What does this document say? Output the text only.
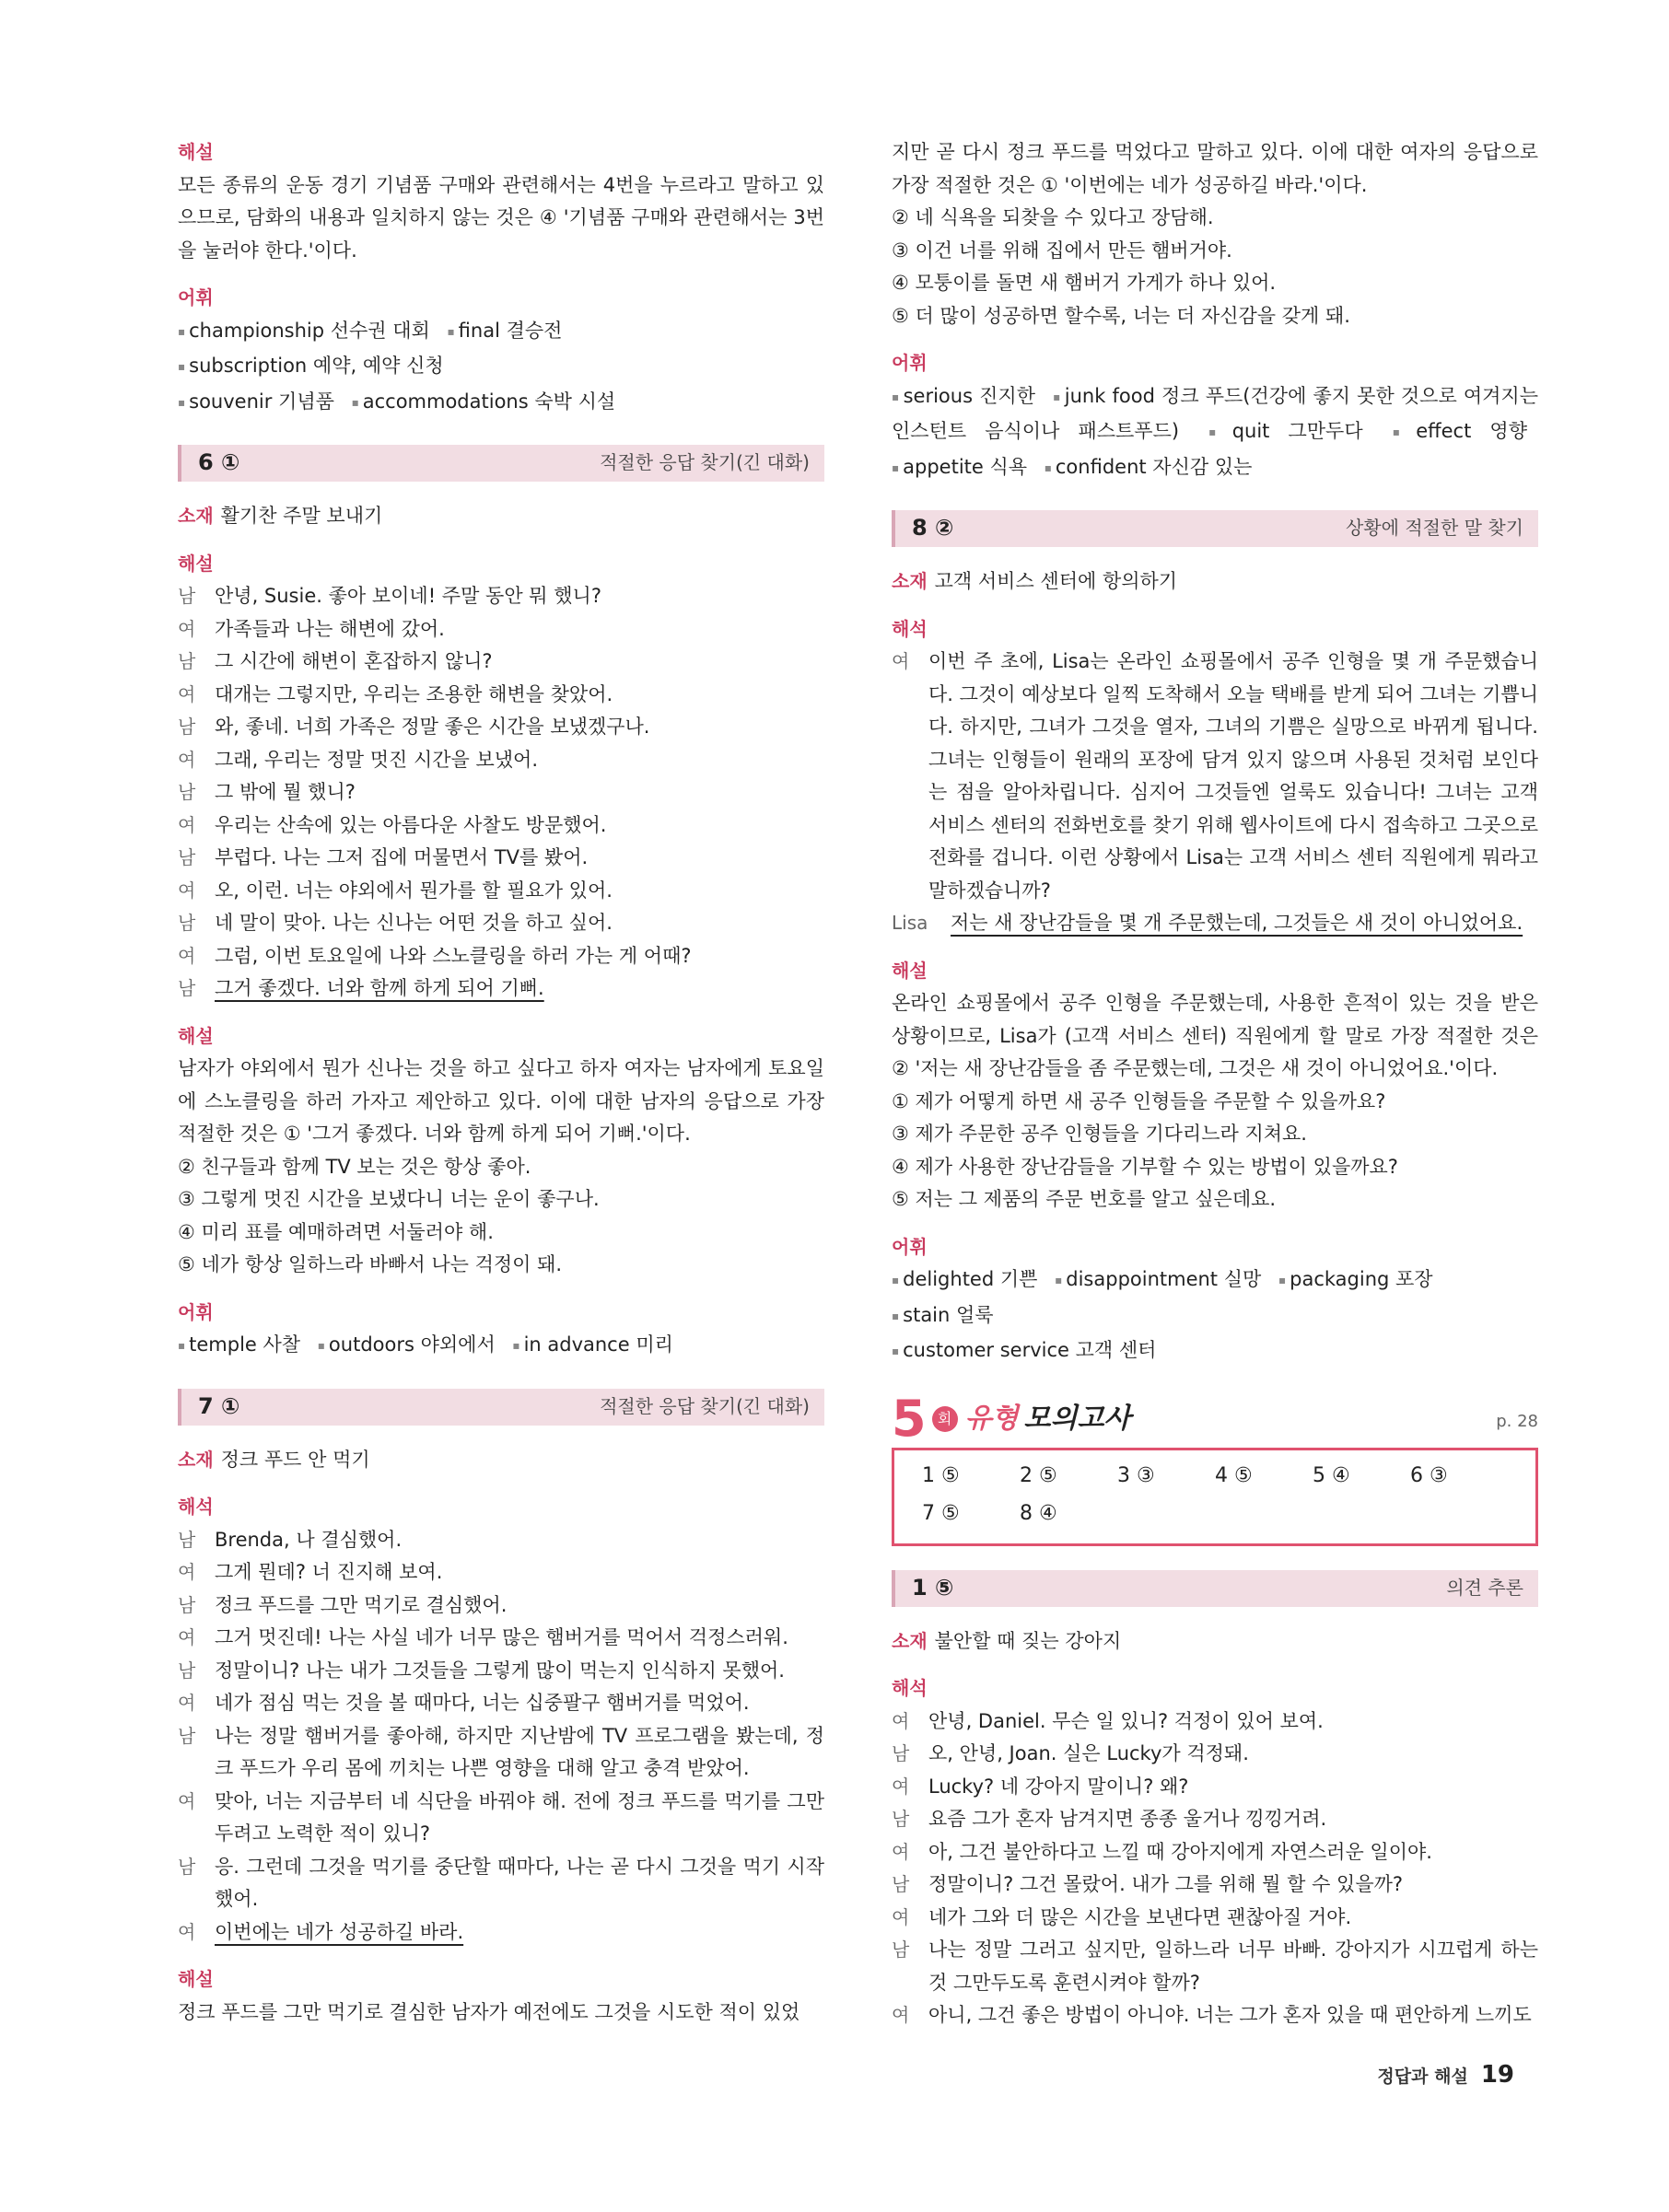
해설
모든 종류의 운동 경기 기념품 구매와 관련해서는 4번을 누르라고 말하고 있으므로, 담화의 내용과 일치하지 않는 것은 ④ '기념품 구매와 관련해서는 3번을 눌러야 한다.'이다.
어휘
▪ championship 선수권 대회 ▪ final 결승전 ▪ subscription 예약, 예약 신청
▪ souvenir 기념품 ▪ accommodations 숙박 시설
6 ①	적절한 응답 찾기(긴 대화)
소재 활기찬 주말 보내기
해설
남 안녕, Susie. 좋아 보이네! 주말 동안 뭐 했니?
여 가족들과 나는 해변에 갔어.
남 그 시간에 해변이 혼잡하지 않니?
여 대개는 그렇지만, 우리는 조용한 해변을 찾았어.
남 와, 좋네. 너희 가족은 정말 좋은 시간을 보냈겠구나.
여 그래, 우리는 정말 멋진 시간을 보냈어.
남 그 밖에 뭘 했니?
여 우리는 산속에 있는 아름다운 사찰도 방문했어.
남 부럽다. 나는 그저 집에 머물면서 TV를 봤어.
여 오, 이런. 너는 야외에서 뭔가를 할 필요가 있어.
남 네 말이 맞아. 나는 신나는 어떤 것을 하고 싶어.
여 그럼, 이번 토요일에 나와 스노클링을 하러 가는 게 어때?
남 그거 좋겠다. 너와 함께 하게 되어 기뻐.
해설
남자가 야외에서 뭔가 신나는 것을 하고 싶다고 하자 여자는 남자에게 토요일에 스노클링을 하러 가자고 제안하고 있다. 이에 대한 남자의 응답으로 가장 적절한 것은 ① '그거 좋겠다. 너와 함께 하게 되어 기뻐.'이다.
② 친구들과 함께 TV 보는 것은 항상 좋아.
③ 그렇게 멋진 시간을 보냈다니 너는 운이 좋구나.
④ 미리 표를 예매하려면 서둘러야 해.
⑤ 네가 항상 일하느라 바빠서 나는 걱정이 돼.
어휘
▪ temple 사찰 ▪ outdoors 야외에서 ▪ in advance 미리
7 ①	적절한 응답 찾기(긴 대화)
소재 정크 푸드 안 먹기
해석
남 Brenda, 나 결심했어.
여 그게 뭔데? 너 진지해 보여.
남 정크 푸드를 그만 먹기로 결심했어.
여 그거 멋진데! 나는 사실 네가 너무 많은 햄버거를 먹어서 걱정스러워.
남 정말이니? 나는 내가 그것들을 그렇게 많이 먹는지 인식하지 못했어.
여 네가 점심 먹는 것을 볼 때마다, 너는 십중팔구 햄버거를 먹었어.
남 나는 정말 햄버거를 좋아해, 하지만 지난밤에 TV 프로그램을 봤는데, 정크 푸드가 우리 몸에 끼치는 나쁜 영향을 대해 알고 충격 받았어.
여 맞아, 너는 지금부터 네 식단을 바꿔야 해. 전에 정크 푸드를 먹기를 그만두려고 노력한 적이 있니?
남 응. 그런데 그것을 먹기를 중단할 때마다, 나는 곧 다시 그것을 먹기 시작했어.
여 이번에는 네가 성공하길 바라.
해설
정크 푸드를 그만 먹기로 결심한 남자가 예전에도 그것을 시도한 적이 있었
지만 곧 다시 정크 푸드를 먹었다고 말하고 있다. 이에 대한 여자의 응답으로 가장 적절한 것은 ① '이번에는 네가 성공하길 바라.'이다.
② 네 식욕을 되찾을 수 있다고 장담해.
③ 이건 너를 위해 집에서 만든 햄버거야.
④ 모퉁이를 돌면 새 햄버거 가게가 하나 있어.
⑤ 더 많이 성공하면 할수록, 너는 더 자신감을 갖게 돼.
어휘
▪ serious 진지한 ▪ junk food 정크 푸드(건강에 좋지 못한 것으로 여겨지는 인스턴트 음식이나 패스트푸드)	▪ quit 그만두다	▪ effect 영향 ▪ appetite 식욕 ▪ confident 자신감 있는
8 ②	상황에 적절한 말 찾기
소재 고객 서비스 센터에 항의하기
해석
여 이번 주 초에, Lisa는 온라인 쇼핑몰에서 공주 인형을 몇 개 주문했습니다. 그것이 예상보다 일찍 도착해서 오늘 택배를 받게 되어 그녀는 기쁩니다. 하지만, 그녀가 그것을 열자, 그녀의 기쁨은 실망으로 바뀌게 됩니다. 그녀는 인형들이 원래의 포장에 담겨 있지 않으며 사용된 것처럼 보인다는 점을 알아차립니다. 심지어 그것들엔 얼룩도 있습니다! 그녀는 고객 서비스 센터의 전화번호를 찾기 위해 웹사이트에 다시 접속하고 그곳으로 전화를 겁니다. 이런 상황에서 Lisa는 고객 서비스 센터 직원에게 뭐라고 말하겠습니까?
Lisa	저는 새 장난감들을 몇 개 주문했는데, 그것들은 새 것이 아니었어요.
해설
온라인 쇼핑몰에서 공주 인형을 주문했는데, 사용한 흔적이 있는 것을 받은 상황이므로, Lisa가 (고객 서비스 센터) 직원에게 할 말로 가장 적절한 것은 ② '저는 새 장난감들을 좀 주문했는데, 그것은 새 것이 아니었어요.'이다.
① 제가 어떻게 하면 새 공주 인형들을 주문할 수 있을까요?
③ 제가 주문한 공주 인형들을 기다리느라 지쳐요.
④ 제가 사용한 장난감들을 기부할 수 있는 방법이 있을까요?
⑤ 저는 그 제품의 주문 번호를 알고 싶은데요.
어휘
▪ delighted 기쁜 ▪ disappointment 실망 ▪ packaging 포장 ▪ stain 얼룩
▪ customer service 고객 센터
5 회 유형 모의고사	p. 28
1 ⑤	2 ⑤	3 ③	4 ⑤	5 ④	6 ③
7 ⑤	8 ④
1 ⑤	의견 추론
소재 불안할 때 짖는 강아지
해석
여 안녕, Daniel. 무슨 일 있니? 걱정이 있어 보여.
남 오, 안녕, Joan. 실은 Lucky가 걱정돼.
여 Lucky? 네 강아지 말이니? 왜?
남 요즘 그가 혼자 남겨지면 종종 울거나 낑낑거려.
여 아, 그건 불안하다고 느낄 때 강아지에게 자연스러운 일이야.
남 정말이니? 그건 몰랐어. 내가 그를 위해 뭘 할 수 있을까?
여 네가 그와 더 많은 시간을 보낸다면 괜찮아질 거야.
남 나는 정말 그러고 싶지만, 일하느라 너무 바빠. 강아지가 시끄럽게 하는 것 그만두도록 훈련시켜야 할까?
여 아니, 그건 좋은 방법이 아니야. 너는 그가 혼자 있을 때 편안하게 느끼도
정답과 해설 19
